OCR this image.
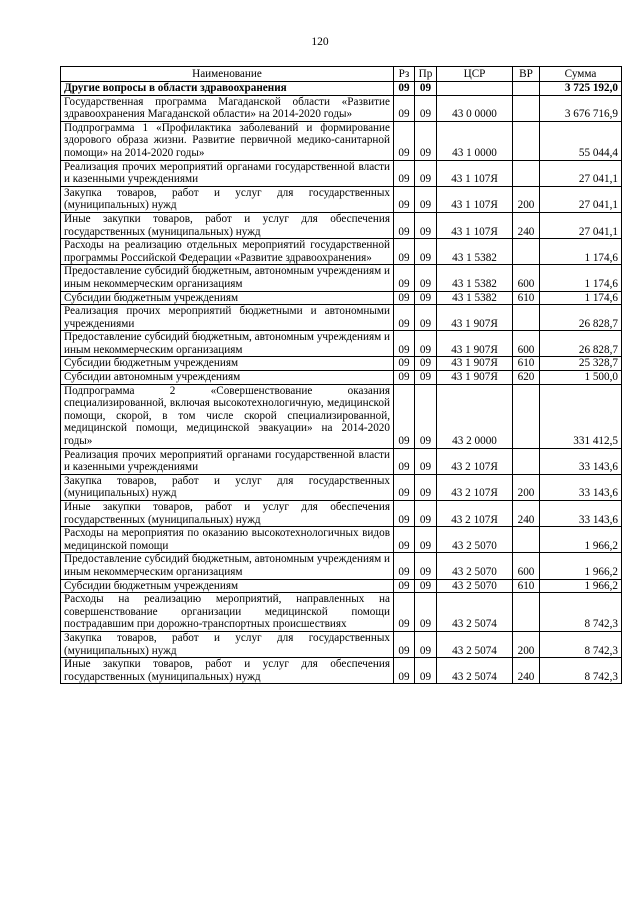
120
Наименование	Рз	Пр	ЦСР	ВР	Сумма
Другие вопросы в области здравоохранения	09	09			3 725 192,0
Государственная программа Магаданской области «Развитие здравоохранения Магаданской области» на 2014-2020 годы»	09	09	43 0 0000		3 676 716,9
Подпрограмма 1 «Профилактика заболеваний и формирование здорового образа жизни. Развитие первичной медико-санитарной помощи» на 2014-2020 годы»	09	09	43 1 0000		55 044,4
Реализация прочих мероприятий органами государственной власти и казенными учреждениями	09	09	43 1 107Я		27 041,1
Закупка товаров, работ и услуг для государственных (муниципальных) нужд	09	09	43 1 107Я	200	27 041,1
Иные закупки товаров, работ и услуг для обеспечения государственных (муниципальных) нужд	09	09	43 1 107Я	240	27 041,1
Расходы на реализацию отдельных мероприятий государственной программы Российской Федерации «Развитие здравоохранения»	09	09	43 1 5382		1 174,6
Предоставление субсидий бюджетным, автономным учреждениям и иным некоммерческим организациям	09	09	43 1 5382	600	1 174,6
Субсидии бюджетным учреждениям	09	09	43 1 5382	610	1 174,6
Реализация прочих мероприятий бюджетными и автономными учреждениями	09	09	43 1 907Я		26 828,7
Предоставление субсидий бюджетным, автономным учреждениям и иным некоммерческим организациям	09	09	43 1 907Я	600	26 828,7
Субсидии бюджетным учреждениям	09	09	43 1 907Я	610	25 328,7
Субсидии автономным учреждениям	09	09	43 1 907Я	620	1 500,0
Подпрограмма 2 «Совершенствование оказания специализированной, включая высокотехнологичную, медицинской помощи, скорой, в том числе скорой специализированной, медицинской помощи, медицинской эвакуации» на 2014-2020 годы»	09	09	43 2 0000		331 412,5
Реализация прочих мероприятий органами государственной власти и казенными учреждениями	09	09	43 2 107Я		33 143,6
Закупка товаров, работ и услуг для государственных (муниципальных) нужд	09	09	43 2 107Я	200	33 143,6
Иные закупки товаров, работ и услуг для обеспечения государственных (муниципальных) нужд	09	09	43 2 107Я	240	33 143,6
Расходы на мероприятия по оказанию высокотехнологичных видов медицинской помощи	09	09	43 2 5070		1 966,2
Предоставление субсидий бюджетным, автономным учреждениям и иным некоммерческим организациям	09	09	43 2 5070	600	1 966,2
Субсидии бюджетным учреждениям	09	09	43 2 5070	610	1 966,2
Расходы на реализацию мероприятий, направленных на совершенствование организации медицинской помощи пострадавшим при дорожно-транспортных происшествиях	09	09	43 2 5074		8 742,3
Закупка товаров, работ и услуг для государственных (муниципальных) нужд	09	09	43 2 5074	200	8 742,3
Иные закупки товаров, работ и услуг для обеспечения государственных (муниципальных) нужд	09	09	43 2 5074	240	8 742,3
